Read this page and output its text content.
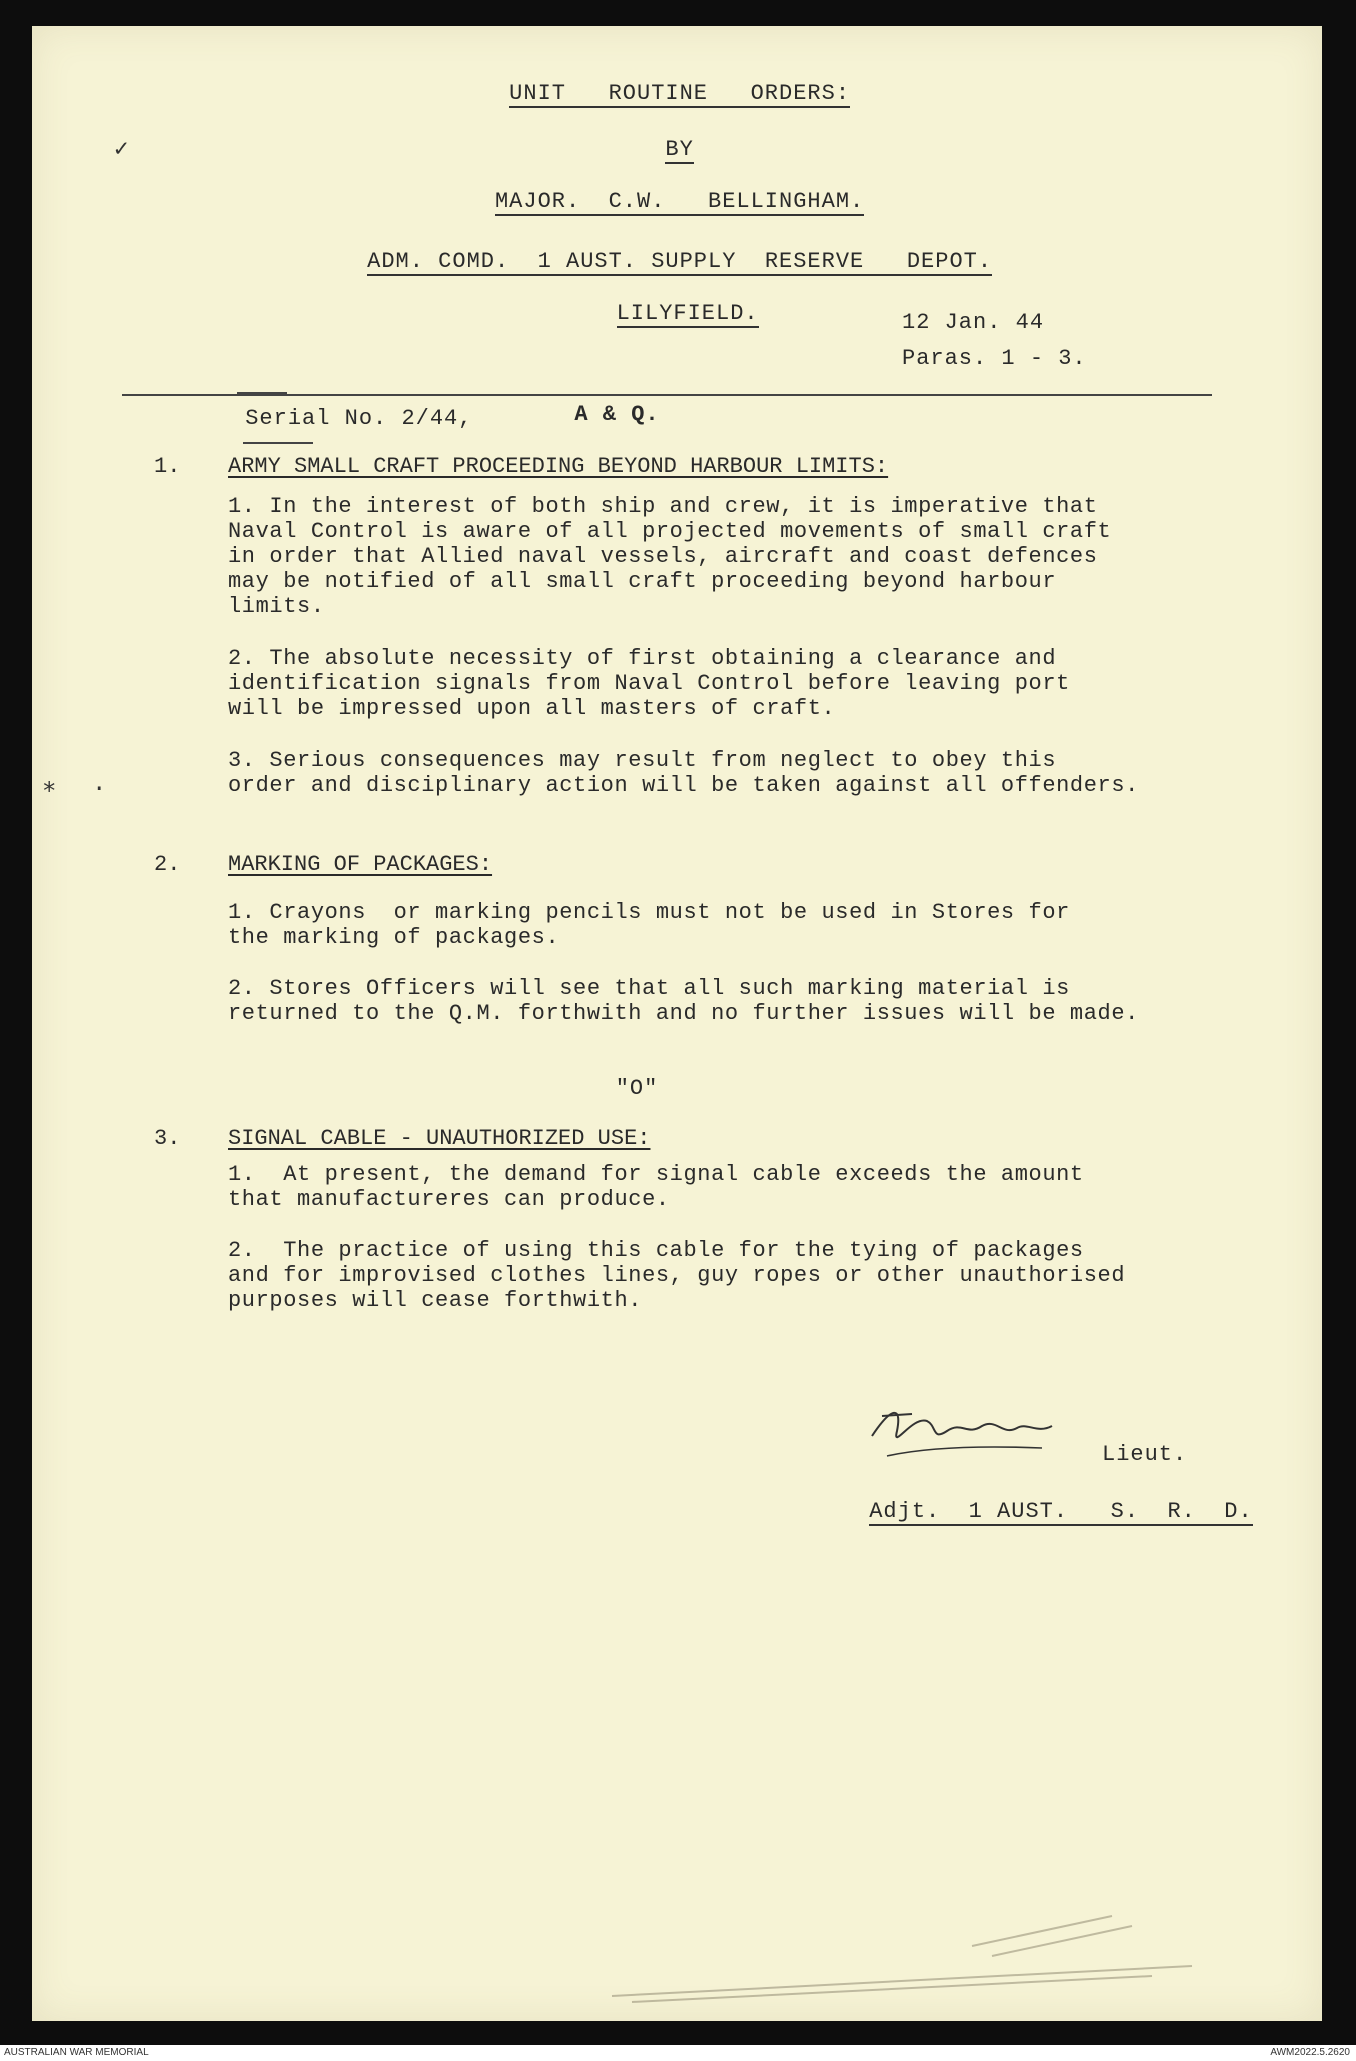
UNIT   ROUTINE   ORDERS:

BY

MAJOR.  C.W.   BELLINGHAM.

ADM. COMD.  1 AUST. SUPPLY  RESERVE   DEPOT.

LILYFIELD.
	12 Jan. 44
Paras. 1 - 3.

Serial No. 2/44,

	A & Q.
1. ARMY SMALL CRAFT PROCEEDING BEYOND HARBOUR LIMITS:
1. In the interest of both ship and crew, it is imperative that
Naval Control is aware of all projected movements of small craft
in order that Allied naval vessels, aircraft and coast defences
may be notified of all small craft proceeding beyond harbour
limits.
2. The absolute necessity of first obtaining a clearance and
identification signals from Naval Control before leaving port
will be impressed upon all masters of craft.
3. Serious consequences may result from neglect to obey this
order and disciplinary action will be taken against all offenders.
2. MARKING OF PACKAGES:
1. Crayons  or marking pencils must not be used in Stores for
the marking of packages.
2. Stores Officers will see that all such marking material is
returned to the Q.M. forthwith and no further issues will be made.
"O"
3. SIGNAL CABLE - UNAUTHORIZED USE:
1.  At present, the demand for signal cable exceeds the amount
that manufactureres can produce.
2.  The practice of using this cable for the tying of packages
and for improvised clothes lines, guy ropes or other unauthorised
purposes will cease forthwith.
Lieut.

Adjt.  1 AUST.   S.  R.  D.

✓
∗ ·
AUSTRALIAN WAR MEMORIAL	AWM2022.5.2620
